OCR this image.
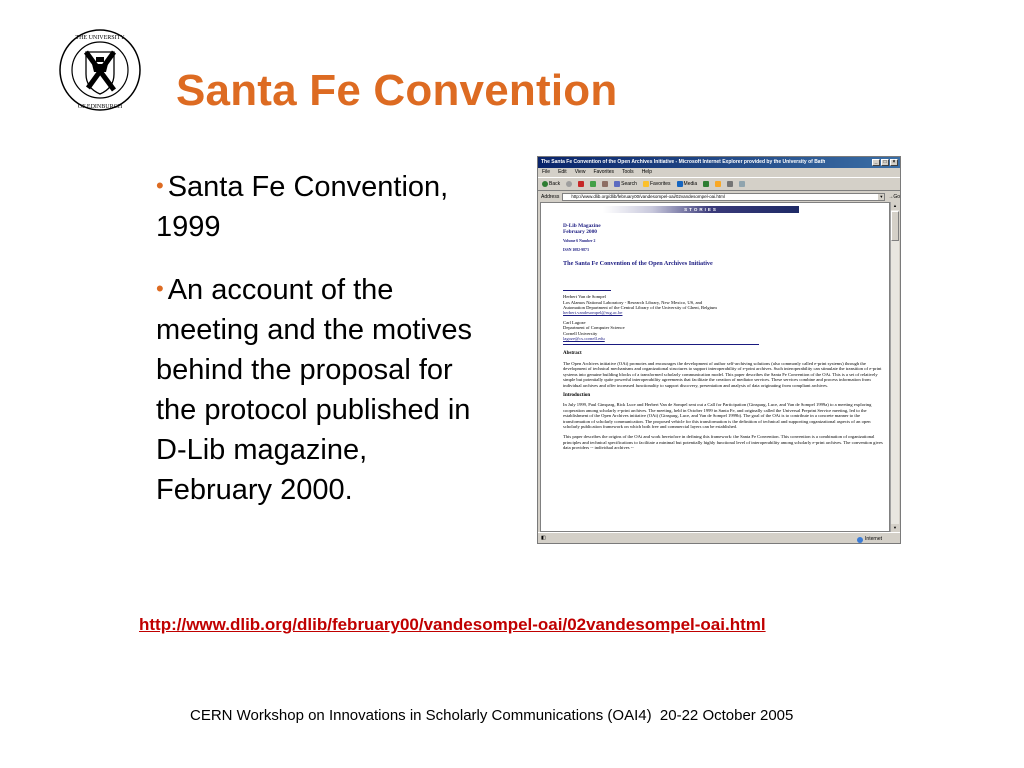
THE UNIVERSITY
OF EDINBURGH Santa Fe Convention

• Santa Fe Convention, 1999

• An account of the meeting and the motives behind the proposal for the protocol published in D-Lib magazine, February 2000.

http://www.dlib.org/dlib/february00/vandesompel-oai/02vandesompel-oai.html
CERN Workshop on Innovations in Scholarly Communications (OAI4)  20-22 October 2005
The Santa Fe Convention of the Open Archives Initiative - Microsoft Internet Explorer provided by the University of Bath	_	□	×
File Edit View Favorites Tools Help
Back	Search	Favorites	Media
Address	http://www.dlib.org/dlib/february00/vandesompel-oai/02vandesompel-oai.html	▼ →Go
STORIES
D-Lib Magazine
February 2000
Volume 6 Number 2
ISSN 1082-9873
The Santa Fe Convention of the Open Archives Initiative
Herbert Van de Sompel
Los Alamos National Laboratory - Research Library, New Mexico, US, and
Automation Department of the Central Library of the University of Ghent, Belgium
herbert.vandesompel@rug.ac.be
Carl Lagoze
Department of Computer Science
Cornell University
lagoze@cs.cornell.edu
Abstract

The Open Archives initiative (OAi) promotes and encourages the development of author self-archiving solutions (also commonly called e-print systems) through the development of technical mechanisms and organizational structures to support interoperability of e-print archives. Such interoperability can stimulate the transition of e-print systems into genuine building blocks of a transformed scholarly communication model. This paper describes the Santa Fe Convention of the OAi. This is a set of relatively simple but potentially quite powerful interoperability agreements that facilitate the creation of mediator services. These services combine and process information from individual archives and offer increased functionality to support discovery, presentation and analysis of data originating from compliant archives.

Introduction

In July 1999, Paul Ginsparg, Rick Luce and Herbert Van de Sompel sent out a Call for Participation (Ginsparg, Luce, and Van de Sompel 1999a) to a meeting exploring cooperation among scholarly e-print archives. The meeting, held in October 1999 in Santa Fe, and originally called the Universal Preprint Service meeting, led to the establishment of the Open Archives initiative (OAi) (Ginsparg, Luce, and Van de Sompel 1999b). The goal of the OAi is to contribute in a concrete manner to the transformation of scholarly communication. The proposed vehicle for this transformation is the definition of technical and supporting organizational aspects of an open scholarly publication framework on which both free and commercial layers can be established.

This paper describes the origins of the OAi and work heretofore in defining this framework: the Santa Fe Convention. This convention is a combination of organizational principles and technical specifications to facilitate a minimal but potentially highly functional level of interoperability among scholarly e-print archives. The convention gives data providers -- individual archives --

▲
▼
◧	Internet
